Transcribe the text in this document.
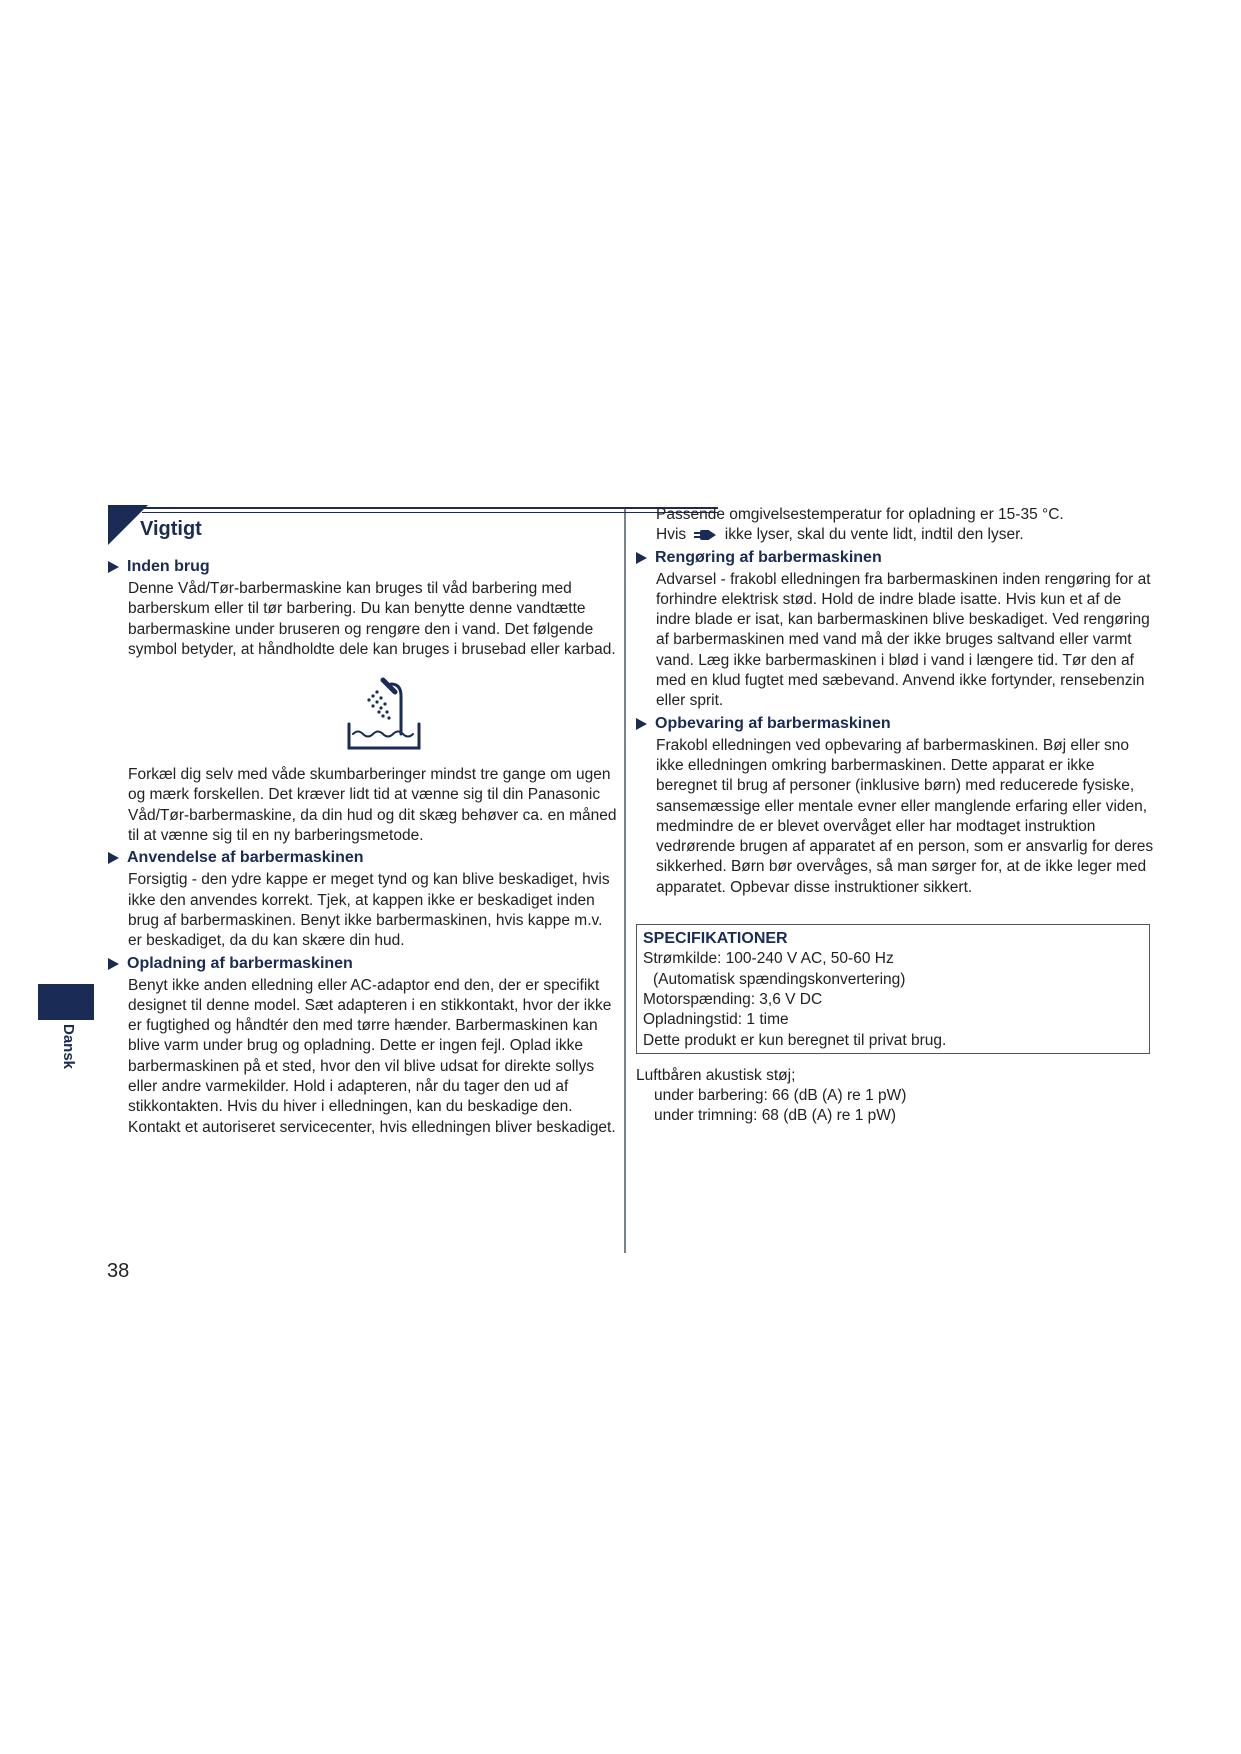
Dansk
Vigtigt
Inden brug

Denne Våd/Tør-barbermaskine kan bruges til våd barbering med barberskum eller til tør barbering. Du kan benytte denne vandtætte barbermaskine under bruseren og rengøre den i vand. Det følgende symbol betyder, at håndholdte dele kan bruges i brusebad eller karbad.

Forkæl dig selv med våde skumbarberinger mindst tre gange om ugen og mærk forskellen. Det kræver lidt tid at vænne sig til din Panasonic Våd/Tør-barbermaskine, da din hud og dit skæg behøver ca. en måned til at vænne sig til en ny barberingsmetode.

Anvendelse af barbermaskinen

Forsigtig - den ydre kappe er meget tynd og kan blive beskadiget, hvis ikke den anvendes korrekt. Tjek, at kappen ikke er beskadiget inden brug af barbermaskinen. Benyt ikke barbermaskinen, hvis kappe m.v. er beskadiget, da du kan skære din hud.

Opladning af barbermaskinen

Benyt ikke anden elledning eller AC-adaptor end den, der er specifikt designet til denne model. Sæt adapteren i en stikkontakt, hvor der ikke er fugtighed og håndtér den med tørre hænder. Barbermaskinen kan blive varm under brug og opladning. Dette er ingen fejl. Oplad ikke barbermaskinen på et sted, hvor den vil blive udsat for direkte sollys eller andre varmekilder. Hold i adapteren, når du tager den ud af stikkontakten. Hvis du hiver i elledningen, kan du beskadige den. Kontakt et autoriseret servicecenter, hvis elledningen bliver beskadiget.

Passende omgivelsestemperatur for opladning er 15-35 °C.

Hvis ikke lyser, skal du vente lidt, indtil den lyser.

Rengøring af barbermaskinen

Advarsel - frakobl elledningen fra barbermaskinen inden rengøring for at forhindre elektrisk stød. Hold de indre blade isatte. Hvis kun et af de indre blade er isat, kan barbermaskinen blive beskadiget. Ved rengøring af barbermaskinen med vand må der ikke bruges saltvand eller varmt vand. Læg ikke barbermaskinen i blød i vand i længere tid. Tør den af med en klud fugtet med sæbevand. Anvend ikke fortynder, rensebenzin eller sprit.

Opbevaring af barbermaskinen

Frakobl elledningen ved opbevaring af barbermaskinen. Bøj eller sno ikke elledningen omkring barbermaskinen. Dette apparat er ikke beregnet til brug af personer (inklusive børn) med reducerede fysiske, sansemæssige eller mentale evner eller manglende erfaring eller viden, medmindre de er blevet overvåget eller har modtaget instruktion vedrørende brugen af apparatet af en person, som er ansvarlig for deres sikkerhed. Børn bør overvåges, så man sørger for, at de ikke leger med apparatet. Opbevar disse instruktioner sikkert.

SPECIFIKATIONER
Strømkilde: 100-240 V AC, 50-60 Hz
(Automatisk spændingskonvertering)
Motorspænding: 3,6 V DC
Opladningstid: 1 time
Dette produkt er kun beregnet til privat brug.
Luftbåren akustisk støj;
under barbering: 66 (dB (A) re 1 pW)
under trimning: 68 (dB (A) re 1 pW)
38
